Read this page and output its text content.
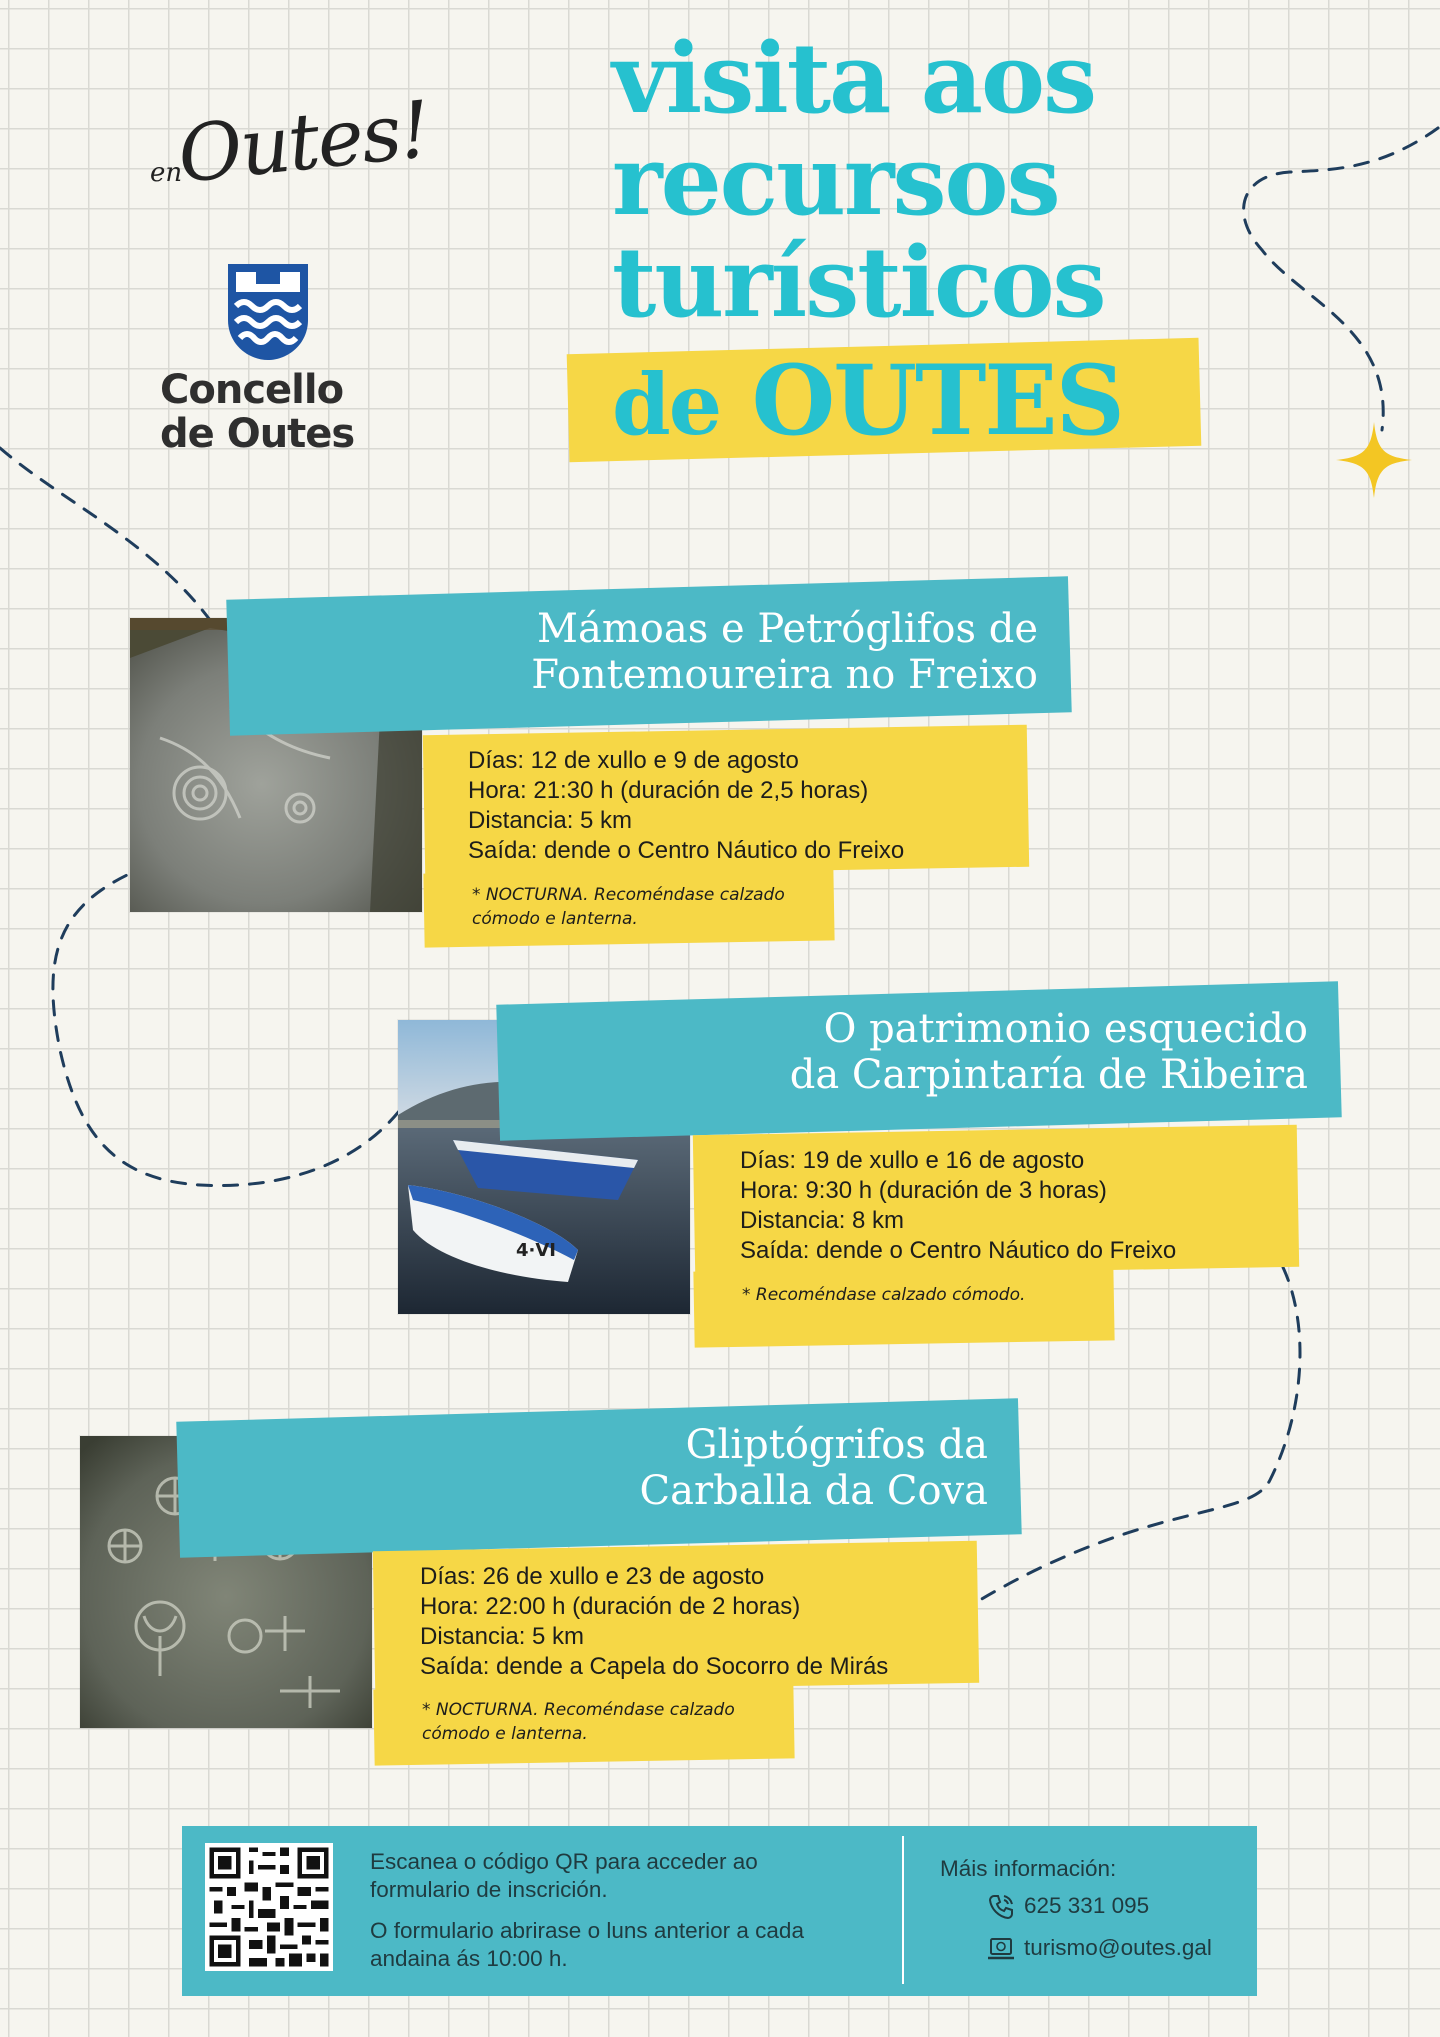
en
Outes!
Concello
de Outes
visita aos
recursos
turísticos
de OUTES
Mámoas e Petróglifos de
Fontemoureira no Freixo
Días: 12 de xullo e 9 de agosto
Hora: 21:30 h (duración de 2,5 horas)
Distancia: 5 km
Saída: dende o Centro Náutico do Freixo
* NOCTURNA. Recoméndase calzado
cómodo e lanterna.
4·VI
O patrimonio esquecido
da Carpintaría de Ribeira
Días: 19 de xullo e 16 de agosto
Hora: 9:30 h (duración de 3 horas)
Distancia: 8 km
Saída: dende o Centro Náutico do Freixo
* Recoméndase calzado cómodo.
Gliptógrifos da
Carballa da Cova
Días: 26 de xullo e 23 de agosto
Hora: 22:00 h (duración de 2 horas)
Distancia: 5 km
Saída: dende a Capela do Socorro de Mirás
* NOCTURNA. Recoméndase calzado
cómodo e lanterna.
Escanea o código QR para acceder ao
formulario de inscrición.
O formulario abrirase o luns anterior a cada
andaina ás 10:00 h.
Máis información:
625 331 095
turismo@outes.gal
